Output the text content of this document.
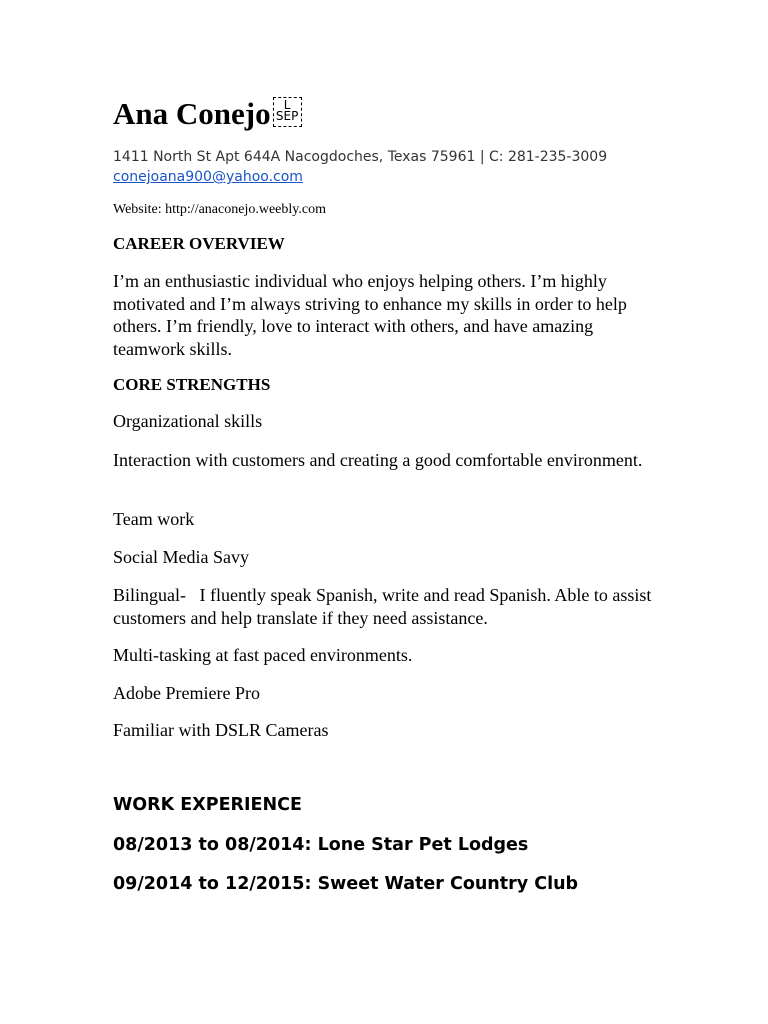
Ana Conejo	L
SEP
1411 North St Apt 644A Nacogdoches, Texas 75961 | C: 281-235-3009
conejoana900@yahoo.com
Website: http://anaconejo.weebly.com
CAREER OVERVIEW
I’m an enthusiastic individual who enjoys helping others. I’m highly motivated and I’m always striving to enhance my skills in order to help others. I’m friendly, love to interact with others, and have amazing teamwork skills.
CORE STRENGTHS
Organizational skills
Interaction with customers and creating a good comfortable environment.
Team work
Social Media Savy
Bilingual-   I fluently speak Spanish, write and read Spanish. Able to assist customers and help translate if they need assistance.
Multi-tasking at fast paced environments.
Adobe Premiere Pro
Familiar with DSLR Cameras
WORK EXPERIENCE
08/2013 to 08/2014: Lone Star Pet Lodges
09/2014 to 12/2015: Sweet Water Country Club
